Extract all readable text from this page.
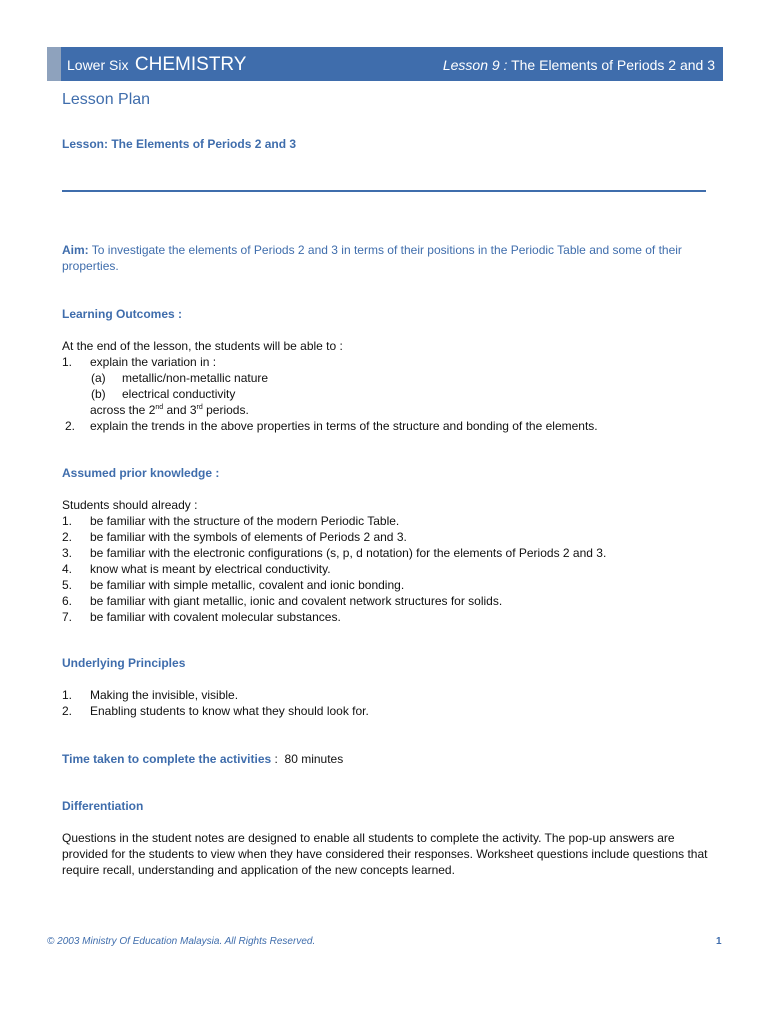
Lower Six CHEMISTRY	Lesson 9 : The Elements of Periods 2 and 3
Lesson Plan
Lesson: The Elements of Periods 2 and 3
Aim: To investigate the elements of Periods 2 and 3 in terms of their positions in the Periodic Table and some of their properties.
Learning Outcomes :
At the end of the lesson, the students will be able to :
1. explain the variation in :
(a) metallic/non-metallic nature
(b) electrical conductivity
across the 2nd and 3rd periods.
2. explain the trends in the above properties in terms of the structure and bonding of the elements.
Assumed prior knowledge :
Students should already :
1. be familiar with the structure of the modern Periodic Table.
2. be familiar with the symbols of elements of Periods 2 and 3.
3. be familiar with the electronic configurations (s, p, d notation) for the elements of Periods 2 and 3.
4. know what is meant by electrical conductivity.
5. be familiar with simple metallic, covalent and ionic bonding.
6. be familiar with giant metallic, ionic and covalent network structures for solids.
7. be familiar with covalent molecular substances.
Underlying Principles
1. Making the invisible, visible.
2. Enabling students to know what they should look for.
Time taken to complete the activities :  80 minutes
Differentiation
Questions in the student notes are designed to enable all students to complete the activity. The pop-up answers are provided for the students to view when they have considered their responses. Worksheet questions include questions that require recall, understanding and application of the new concepts learned.
© 2003 Ministry Of Education Malaysia. All Rights Reserved.	1
